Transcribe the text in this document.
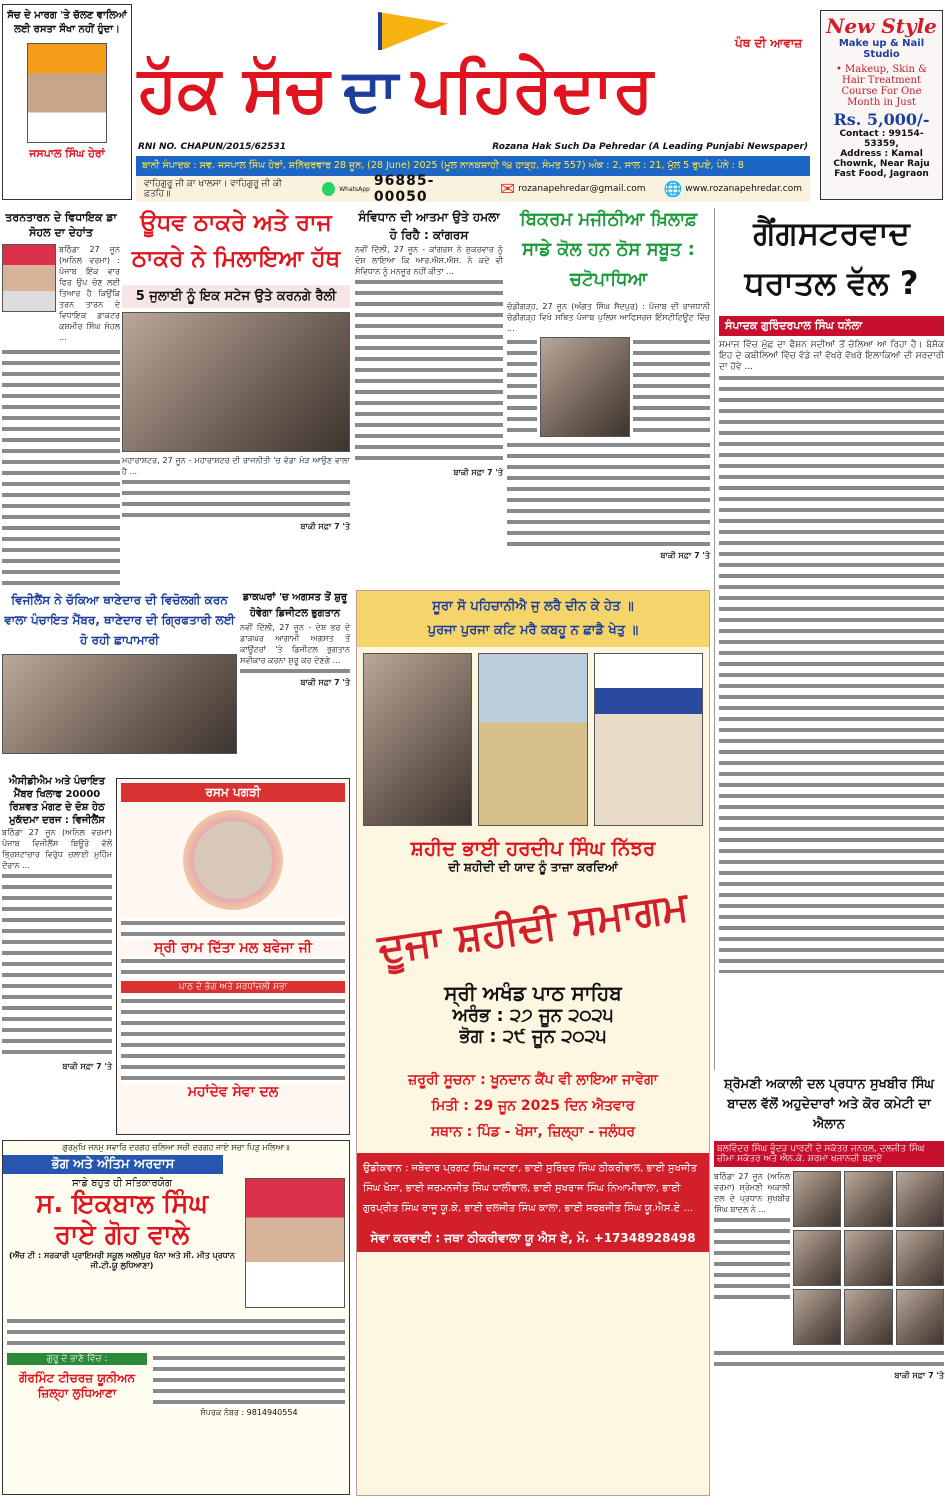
ਸੱਚ ਦੇ ਮਾਰਗ 'ਤੇ ਚੱਲਣ ਵਾਲਿਆਂ ਲਈ ਰਸਤਾ ਸੌਖਾ ਨਹੀਂ ਹੁੰਦਾ।
ਜਸਪਾਲ ਸਿੰਘ ਹੇਰਾਂ
ਹੱਕ ਸੱਚ ਦਾ ਪਹਿਰੇਦਾਰ
ਪੰਥ ਦੀ ਆਵਾਜ਼
RNI NO. CHAPUN/2015/62531	Rozana Hak Such Da Pehredar (A Leading Punjabi Newspaper)
ਬਾਨੀ ਸੰਪਾਦਕ : ਸਵ. ਜਸਪਾਲ ਸਿੰਘ ਹੇਰਾਂ, ਸ਼ਨਿੱਚਰਵਾਰ 28 ਜੂਨ, (28 June) 2025 (ਮੂਲ ਨਾਨਕਸ਼ਾਹੀ ੧੪ ਹਾੜ੍ਹ, ਸੰਮਤ 557) ਅੰਕ : 2, ਸਾਲ : 21, ਮੁੱਲ 5 ਰੁਪਏ, ਪੰਨੇ : 8
ਵਾਹਿਗੁਰੂ ਜੀ ਕਾ ਖਾਲਸਾ। ਵਾਹਿਗੁਰੂ ਜੀ ਕੀ ਫ਼ਤਹਿ॥	WhatsApp 96885-00050	✉ rozanapehredar@gmail.com 🌐 www.rozanapehredar.com
New Style
Make up & Nail Studio
• Makeup, Skin & Hair Treatment Course For One Month in Just
Rs. 5,000/-
Contact : 99154-53359,
Address : Kamal Chownk, Near Raju Fast Food, Jagraon
ਤਰਨਤਾਰਨ ਦੇ ਵਿਧਾਇਕ ਡਾ ਸੋਹਲ ਦਾ ਦੇਹਾਂਤ
ਬਠਿੰਡਾ 27 ਜੂਨ (ਅਨਿਲ ਵਰਮਾ) : ਪੰਜਾਬ ਇੱਕ ਵਾਰ ਫਿਰ ਉਪ ਚੋਣ ਲਈ ਤਿਆਰ ਹੈ ਕਿਉਂਕਿ ਤਰਨ ਤਾਰਨ ਦੇ ਵਿਧਾਇਕ ਡਾਕਟਰ ਕਸ਼ਮੀਰ ਸਿੰਘ ਸੋਹਲ ...
ਊਧਵ ਠਾਕਰੇ ਅਤੇ ਰਾਜ ਠਾਕਰੇ ਨੇ ਮਿਲਾਇਆ ਹੱਥ
5 ਜੁਲਾਈ ਨੂੰ ਇਕ ਸਟੇਜ ਉਤੇ ਕਰਨਗੇ ਰੈਲੀ
ਮਹਾਰਾਸ਼ਟਰ, 27 ਜੂਨ - ਮਹਾਰਾਸ਼ਟਰ ਦੀ ਰਾਜਨੀਤੀ 'ਚ ਵੱਡਾ ਮੋੜ ਆਉਣ ਵਾਲਾ ਹੈ ...
ਬਾਕੀ ਸਫ਼ਾ 7 'ਤੇ
ਸੰਵਿਧਾਨ ਦੀ ਆਤਮਾ ਉਤੇ ਹਮਲਾ ਹੋ ਰਿਹੈ : ਕਾਂਗਰਸ
ਨਵੀਂ ਦਿੱਲੀ, 27 ਜੂਨ - ਕਾਂਗਰਸ ਨੇ ਸ਼ੁਕਰਵਾਰ ਨੂੰ ਦੋਸ਼ ਲਾਇਆ ਕਿ ਆਰ.ਐਸ.ਐਸ. ਨੇ ਕਦੇ ਵੀ ਸੰਵਿਧਾਨ ਨੂੰ ਮਨਜ਼ੂਰ ਨਹੀਂ ਕੀਤਾ ...
ਬਾਕੀ ਸਫ਼ਾ 7 'ਤੇ
ਬਿਕਰਮ ਮਜੀਠੀਆ ਖ਼ਿਲਾਫ਼ ਸਾਡੇ ਕੋਲ ਹਨ ਠੋਸ ਸਬੂਤ : ਚਟੋਪਾਧਿਆ
ਚੰਡੀਗੜ੍ਹ, 27 ਜੂਨ (ਅੰਗਤ ਸਿੰਘ ਸੈਦਪੁਰ) : ਪੰਜਾਬ ਦੀ ਰਾਜਧਾਨੀ ਚੰਡੀਗੜ੍ਹ ਵਿਖੇ ਸਥਿਤ ਪੰਜਾਬ ਪੁਲਿਸ ਆਫਿਸਰਜ਼ ਇੰਸਟੀਟਿਊਟ ਵਿੱਚ ...
ਬਾਕੀ ਸਫ਼ਾ 7 'ਤੇ
ਗੈਂਗਸਟਰਵਾਦ ਧਰਾਤਲ ਵੱਲ ?
ਸੰਪਾਦਕ ਗੁਰਿੰਦਰਪਾਲ ਸਿੰਘ ਧਨੌਲਾ
ਸਮਾਜ ਵਿੱਚ ਮੁੱਛ ਦਾ ਫੈਸ਼ਨ ਸਦੀਆਂ ਤੋਂ ਚੱਲਿਆ ਆ ਰਿਹਾ ਹੈ। ਬੇਸ਼ੱਕ ਇਹ ਦੇ ਕਬੀਲਿਆਂ ਵਿੱਚ ਵੱਡੇ ਜਾਂ ਵੱਖਰੇ ਵੱਖਰੇ ਇਲਾਕਿਆਂ ਦੀ ਸਰਦਾਰੀ ਦਾ ਹੋਵੇ ...
ਵਿਜੀਲੈਂਸ ਨੇ ਚੱਕਿਆ ਥਾਣੇਦਾਰ ਦੀ ਵਿਚੋਲਗੀ ਕਰਨ ਵਾਲਾ ਪੰਚਾਇਤ ਮੈਂਬਰ, ਥਾਣੇਦਾਰ ਦੀ ਗ੍ਰਿਫਤਾਰੀ ਲਈ ਹੋ ਰਹੀ ਛਾਪਾਮਾਰੀ
ਡਾਕਘਰਾਂ 'ਚ ਅਗਸਤ ਤੋਂ ਸ਼ੁਰੂ ਹੋਵੇਗਾ ਡਿਜੀਟਲ ਭੁਗਤਾਨ
ਨਵੀਂ ਦਿੱਲੀ, 27 ਜੂਨ - ਦੇਸ਼ ਭਰ ਦੇ ਡਾਕਘਰ ਆਗਾਮੀ ਅਗਸਤ ਤੋਂ ਕਾਊਂਟਰਾਂ 'ਤੇ ਡਿਜੀਟਲ ਭੁਗਤਾਨ ਸਵੀਕਾਰ ਕਰਨਾ ਸ਼ੁਰੂ ਕਰ ਦੇਣਗੇ ...
ਬਾਕੀ ਸਫ਼ਾ 7 'ਤੇ
ਐਸੀਡੀਐਮ ਅਤੇ ਪੰਚਾਇਤ ਮੈਂਬਰ ਖਿਲਾਫ 20000 ਰਿਸ਼ਵਤ ਮੰਗਣ ਦੇ ਦੋਸ਼ ਹੇਠ ਮੁਕੱਦਮਾ ਦਰਜ : ਵਿਜੀਲੈਂਸ
ਬਠਿੰਡਾ 27 ਜੂਨ (ਅਨਿਲ ਵਰਮਾ) ਪੰਜਾਬ ਵਿਜੀਲੈਂਸ ਬਿਊਰੋ ਵੱਲੋਂ ਭ੍ਰਿਸ਼ਟਾਚਾਰ ਵਿਰੁੱਧ ਚਲਾਈ ਮੁਹਿੰਮ ਦੌਰਾਨ ...
ਬਾਕੀ ਸਫ਼ਾ 7 'ਤੇ
ਰਸਮ ਪਗੜੀ
ਸ੍ਰੀ ਰਾਮ ਦਿੱਤਾ ਮਲ ਬਵੇਜਾ ਜੀ
ਪਾਠ ਦੇ ਭੋਗ ਅਤੇ ਸ਼ਰਧਾਂਜਲੀ ਸਭਾ
ਮਹਾਂਦੇਵ ਸੇਵਾ ਦਲ
ਗੁਰਮੁਖਿ ਜਨਮੁ ਸਵਾਰਿ ਦਰਗਹ ਚਲਿਆ ਸਚੀ ਦਰਗਹ ਜਾਏ ਸਚਾ ਪਿੜੁ ਮਲਿਆ॥
ਭੋਗ ਅਤੇ ਅੰਤਿਮ ਅਰਦਾਸ
ਸਾਡੇ ਬਹੁਤ ਹੀ ਸਤਿਕਾਰਯੋਗ
ਸ. ਇਕਬਾਲ ਸਿੰਘ
ਰਾਏ ਗੋਹ ਵਾਲੇ
(ਐੱਚ ਟੀ : ਸਰਕਾਰੀ ਪ੍ਰਾਇਮਰੀ ਸਕੂਲ ਅਲੀਪੁਰ ਖੰਨਾ ਅਤੇ ਸੀ. ਮੀਤ ਪ੍ਰਧਾਨ ਜੀ.ਟੀ.ਯੂ ਲੁਧਿਆਣਾ)
ਗੁਰੂ ਦੇ ਭਾਣੇ ਵਿੱਚ :
ਗੌਰਮਿੰਟ ਟੀਚਰਜ਼ ਯੂਨੀਅਨ ਜ਼ਿਲ੍ਹਾ ਲੁਧਿਆਣਾ
ਸੰਪਰਕ ਨੰਬਰ : 9814940554
ਸੂਰਾ ਸੋ ਪਹਿਚਾਨੀਐ ਜੁ ਲਰੈ ਦੀਨ ਕੇ ਹੇਤ ॥
ਪੁਰਜਾ ਪੁਰਜਾ ਕਟਿ ਮਰੈ ਕਬਹੂ ਨ ਛਾਡੈ ਖੇਤੁ ॥
ਸ਼ਹੀਦ ਭਾਈ ਹਰਦੀਪ ਸਿੰਘ ਨਿੱਝਰ
ਦੀ ਸ਼ਹੀਦੀ ਦੀ ਯਾਦ ਨੂੰ ਤਾਜ਼ਾ ਕਰਦਿਆਂ
ਦੂਜਾ ਸ਼ਹੀਦੀ ਸਮਾਗਮ
ਸ੍ਰੀ ਅਖੰਡ ਪਾਠ ਸਾਹਿਬ
ਅਰੰਭ : ੨੭ ਜੂਨ ੨੦੨੫
ਭੋਗ : ੨੯ ਜੂਨ ੨੦੨੫
ਜ਼ਰੂਰੀ ਸੂਚਨਾ : ਖੂਨਦਾਨ ਕੈਂਪ ਵੀ ਲਾਇਆ ਜਾਵੇਗਾ
ਮਿਤੀ : 29 ਜੂਨ 2025 ਦਿਨ ਐਤਵਾਰ
ਸਥਾਨ : ਪਿੰਡ - ਖੋਸਾ, ਜ਼ਿਲ੍ਹਾ - ਜਲੰਧਰ
ਉਡੀਕਵਾਨ : ਜਥੇਦਾਰ ਪ੍ਰਗਟ ਸਿੰਘ ਜਟਾਣਾ, ਭਾਈ ਸੁਰਿੰਦਰ ਸਿੰਘ ਠੀਕਰੀਵਾਲ, ਭਾਈ ਸੁਖਜੀਤ ਸਿੰਘ ਖੋਸਾ, ਭਾਈ ਜਰਮਨਜੀਤ ਸਿੰਘ ਧਾਲੀਵਾਲ, ਭਾਈ ਸੁਖਰਾਜ ਸਿੰਘ ਨਿਆਮੀਵਾਲਾ, ਭਾਈ ਗੁਰਪ੍ਰੀਤ ਸਿੰਘ ਰਾਜੂ ਯੂ.ਕੇ, ਭਾਈ ਦਲਜੀਤ ਸਿੰਘ ਕਾਲਾ, ਭਾਈ ਸਰਬਜੀਤ ਸਿੰਘ ਯੂ.ਐਸ.ਏ ...
ਸੇਵਾ ਕਰਵਾਈ : ਜਥਾ ਠੀਕਰੀਵਾਲਾ ਯੂ ਐਸ ਏ, ਮੋ. +17348928498
ਸ਼੍ਰੋਮਣੀ ਅਕਾਲੀ ਦਲ ਪ੍ਰਧਾਨ ਸੁਖਬੀਰ ਸਿੰਘ ਬਾਦਲ ਵੱਲੋਂ ਅਹੁਦੇਦਾਰਾਂ ਅਤੇ ਕੋਰ ਕਮੇਟੀ ਦਾ ਐਲਾਨ
ਬਲਵਿੰਦਰ ਸਿੰਘ ਭੂੰਦੜ ਪਾਰਟੀ ਦੇ ਸਕੱਤਰ ਜਨਰਲ, ਦਲਜੀਤ ਸਿੰਘ ਚੀਮਾ ਸਕੱਤਰ ਅਤੇ ਐਨ.ਕੇ. ਸ਼ਰਮਾ ਖਜਾਨਚੀ ਬਣਾਏ
ਬਠਿੰਡਾ 27 ਜੂਨ (ਅਨਿਲ ਵਰਮਾ) ਸ਼੍ਰੋਮਣੀ ਅਕਾਲੀ ਦਲ ਦੇ ਪ੍ਰਧਾਨ ਸੁਖਬੀਰ ਸਿੰਘ ਬਾਦਲ ਨੇ ...
ਬਾਕੀ ਸਫ਼ਾ 7 'ਤੇ
